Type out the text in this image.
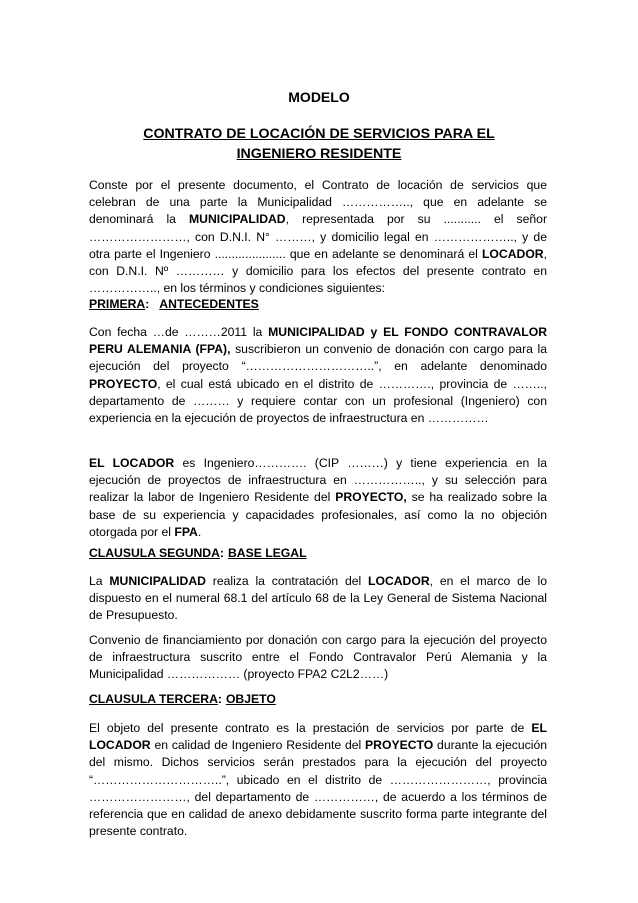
MODELO
CONTRATO DE LOCACIÓN DE SERVICIOS PARA EL
INGENIERO RESIDENTE

Conste por el presente documento, el Contrato de locación de servicios que celebran de una parte la Municipalidad …………….., que en adelante se denominará la MUNICIPALIDAD, representada por su ........... el señor ……………………, con D.N.I. N° ………, y domicilio legal en ……………….., y de otra parte el Ingeniero ..................... que en adelante se denominará el LOCADOR, con D.N.I. Nº ………… y domicilio para los efectos del presente contrato en …………….., en los términos y condiciones siguientes:

PRIMERA: ANTECEDENTES

Con fecha …de ………2011 la MUNICIPALIDAD y EL FONDO CONTRAVALOR PERU ALEMANIA (FPA), suscribieron un convenio de donación con cargo para la ejecución del proyecto “…………………………..”, en adelante denominado PROYECTO, el cual está ubicado en el distrito de …………., provincia de …….., departamento de ……… y requiere contar con un profesional (Ingeniero) con experiencia en la ejecución de proyectos de infraestructura en ……………

EL LOCADOR es Ingeniero…………. (CIP ………) y tiene experiencia en la ejecución de proyectos de infraestructura en …………….., y su selección para realizar la labor de Ingeniero Residente del PROYECTO, se ha realizado sobre la base de su experiencia y capacidades profesionales, así como la no objeción otorgada por el FPA.

CLAUSULA SEGUNDA: BASE LEGAL

La MUNICIPALIDAD realiza la contratación del LOCADOR, en el marco de lo dispuesto en el numeral 68.1 del artículo 68 de la Ley General de Sistema Nacional de Presupuesto.

Convenio de financiamiento por donación con cargo para la ejecución del proyecto de infraestructura suscrito entre el Fondo Contravalor Perú Alemania y la Municipalidad ……………… (proyecto FPA2 C2L2……)

CLAUSULA TERCERA: OBJETO

El objeto del presente contrato es la prestación de servicios por parte de EL LOCADOR en calidad de Ingeniero Residente del PROYECTO durante la ejecución del mismo. Dichos servicios serán prestados para la ejecución del proyecto “…………………………..”, ubicado en el distrito de ……………………, provincia ……………………, del departamento de ……………, de acuerdo a los términos de referencia que en calidad de anexo debidamente suscrito forma parte integrante del presente contrato.
